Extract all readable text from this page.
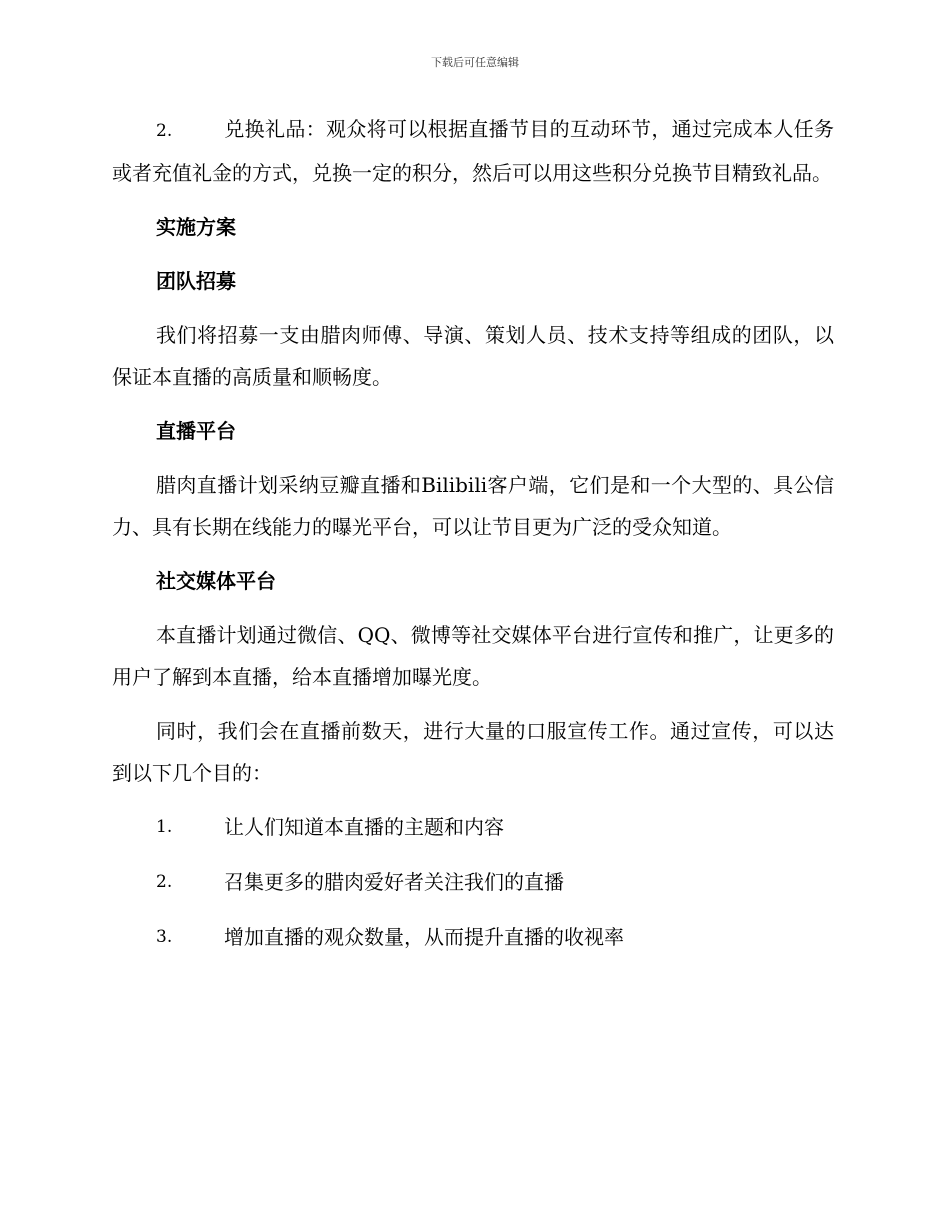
下载后可任意编辑

2.	兑换礼品：观众将可以根据直播节目的互动环节，通过完成本人任务或者充值礼金的方式，兑换一定的积分，然后可以用这些积分兑换节目精致礼品。

实施方案
团队招募

我们将招募一支由腊肉师傅、导演、策划人员、技术支持等组成的团队，以保证本直播的高质量和顺畅度。

直播平台

腊肉直播计划采纳豆瓣直播和Bilibili客户端，它们是和一个大型的、具公信力、具有长期在线能力的曝光平台，可以让节目更为广泛的受众知道。

社交媒体平台

本直播计划通过微信、QQ、微博等社交媒体平台进行宣传和推广，让更多的用户了解到本直播，给本直播增加曝光度。

同时，我们会在直播前数天，进行大量的口服宣传工作。通过宣传，可以达到以下几个目的：

1.	让人们知道本直播的主题和内容
2.	召集更多的腊肉爱好者关注我们的直播
3.	增加直播的观众数量，从而提升直播的收视率
